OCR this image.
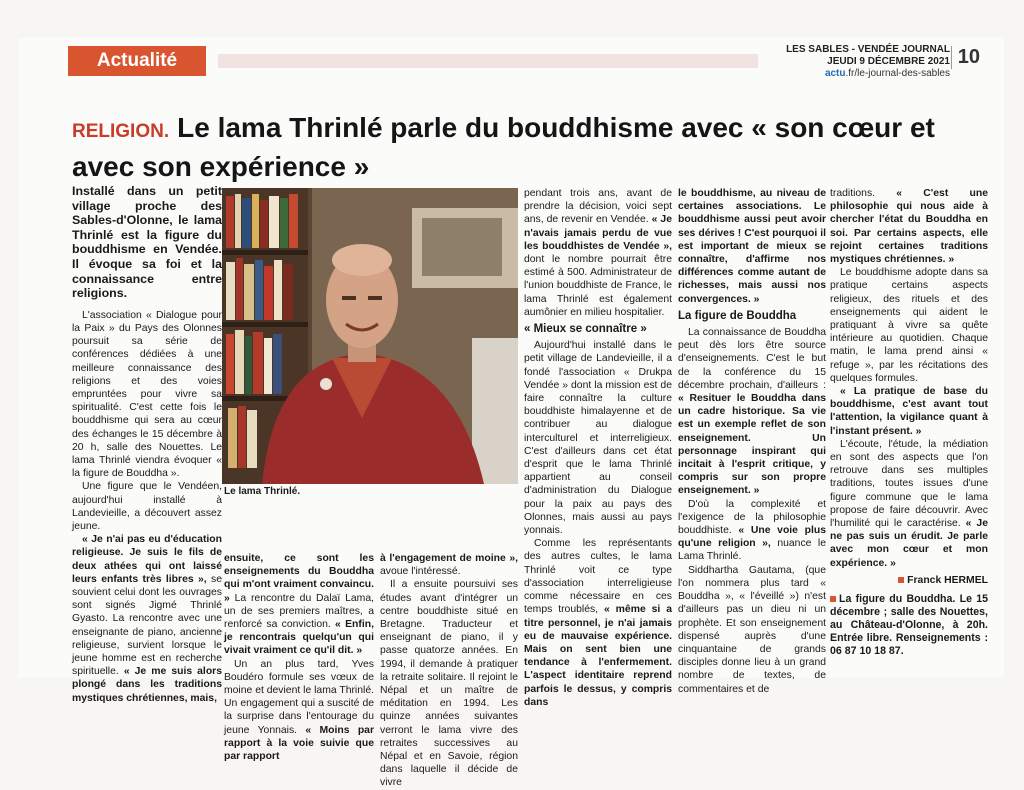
Actualité
LES SABLES - VENDÉE JOURNAL
JEUDI 9 DÉCEMBRE 2021
actu.fr/le-journal-des-sables
10
RELIGION. Le lama Thrinlé parle du bouddhisme avec « son cœur et avec son expérience »

Installé dans un petit village proche des Sables-d'Olonne, le lama Thrinlé est la figure du bouddhisme en Vendée. Il évoque sa foi et la connaissance entre religions.

L'association « Dialogue pour la Paix » du Pays des Olonnes poursuit sa série de conférences dédiées à une meilleure connaissance des religions et des voies empruntées pour vivre sa spiritualité. C'est cette fois le bouddhisme qui sera au cœur des échanges le 15 décembre à 20 h, salle des Nouettes. Le lama Thrinlé viendra évoquer « la figure de Bouddha ».

Une figure que le Vendéen, aujourd'hui installé à Landevieille, a découvert assez jeune.

« Je n'ai pas eu d'éducation religieuse. Je suis le fils de deux athées qui ont laissé leurs enfants très libres », se souvient celui dont les ouvrages sont signés Jigmé Thrinlé Gyasto. La rencontre avec une enseignante de piano, ancienne religieuse, survient lorsque le jeune homme est en recherche spirituelle. « Je me suis alors plongé dans les traditions mystiques chrétiennes, mais,

Le lama Thrinlé.

ensuite, ce sont les enseignements du Bouddha qui m'ont vraiment convaincu. » La rencontre du Dalaï Lama, un de ses premiers maîtres, a renforcé sa conviction. « Enfin, je rencontrais quelqu'un qui vivait vraiment ce qu'il dit. »

Un an plus tard, Yves Boudéro formule ses vœux de moine et devient le lama Thrinlé. Un engagement qui a suscité de la surprise dans l'entourage du jeune Yonnais. « Moins par rapport à la voie suivie que par rapport

à l'engagement de moine », avoue l'intéressé.

Il a ensuite poursuivi ses études avant d'intégrer un centre bouddhiste situé en Bretagne. Traducteur et enseignant de piano, il y passe quatorze années. En 1994, il demande à pratiquer la retraite solitaire. Il rejoint le Népal et un maître de méditation en 1994. Les quinze années suivantes verront le lama vivre des retraites successives au Népal et en Savoie, région dans laquelle il décide de vivre

pendant trois ans, avant de prendre la décision, voici sept ans, de revenir en Vendée. « Je n'avais jamais perdu de vue les bouddhistes de Vendée », dont le nombre pourrait être estimé à 500. Administrateur de l'union bouddhiste de France, le lama Thrinlé est également aumônier en milieu hospitalier.

« Mieux se connaître »

Aujourd'hui installé dans le petit village de Landevieille, il a fondé l'association « Drukpa Vendée » dont la mission est de faire connaître la culture bouddhiste himalayenne et de contribuer au dialogue interculturel et interreligieux. C'est d'ailleurs dans cet état d'esprit que le lama Thrinlé appartient au conseil d'administration du Dialogue pour la paix au pays des Olonnes, mais aussi au pays yonnais.

Comme les représentants des autres cultes, le lama Thrinlé voit ce type d'association interreligieuse comme nécessaire en ces temps troublés, « même si a titre personnel, je n'ai jamais eu de mauvaise expérience. Mais on sent bien une tendance à l'enfermement. L'aspect identitaire reprend parfois le dessus, y compris dans

le bouddhisme, au niveau de certaines associations. Le bouddhisme aussi peut avoir ses dérives ! C'est pourquoi il est important de mieux se connaître, d'affirme nos différences comme autant de richesses, mais aussi nos convergences. »

La figure de Bouddha

La connaissance de Bouddha peut dès lors être source d'enseignements. C'est le but de la conférence du 15 décembre prochain, d'ailleurs : « Resituer le Bouddha dans un cadre historique. Sa vie est un exemple reflet de son enseignement. Un personnage inspirant qui incitait à l'esprit critique, y compris sur son propre enseignement. »

D'où la complexité et l'exigence de la philosophie bouddhiste. « Une voie plus qu'une religion », nuance le Lama Thrinlé.

Siddhartha Gautama, (que l'on nommera plus tard « Bouddha », « l'éveillé ») n'est d'ailleurs pas un dieu ni un prophète. Et son enseignement dispensé auprès d'une cinquantaine de grands disciples donne lieu à un grand nombre de textes, de commentaires et de

traditions. « C'est une philosophie qui nous aide à chercher l'état du Bouddha en soi. Par certains aspects, elle rejoint certaines traditions mystiques chrétiennes. »

Le bouddhisme adopte dans sa pratique certains aspects religieux, des rituels et des enseignements qui aident le pratiquant à vivre sa quête intérieure au quotidien. Chaque matin, le lama prend ainsi « refuge », par les récitations des quelques formules.

« La pratique de base du bouddhisme, c'est avant tout l'attention, la vigilance quant à l'instant présent. »

L'écoute, l'étude, la médiation en sont des aspects que l'on retrouve dans ses multiples traditions, toutes issues d'une figure commune que le lama propose de faire découvrir. Avec l'humilité qui le caractérise. « Je ne pas suis un érudit. Je parle avec mon cœur et mon expérience. »

Franck HERMEL
La figure du Bouddha. Le 15 décembre ; salle des Nouettes, au Château-d'Olonne, à 20h. Entrée libre. Renseignements : 06 87 10 18 87.
